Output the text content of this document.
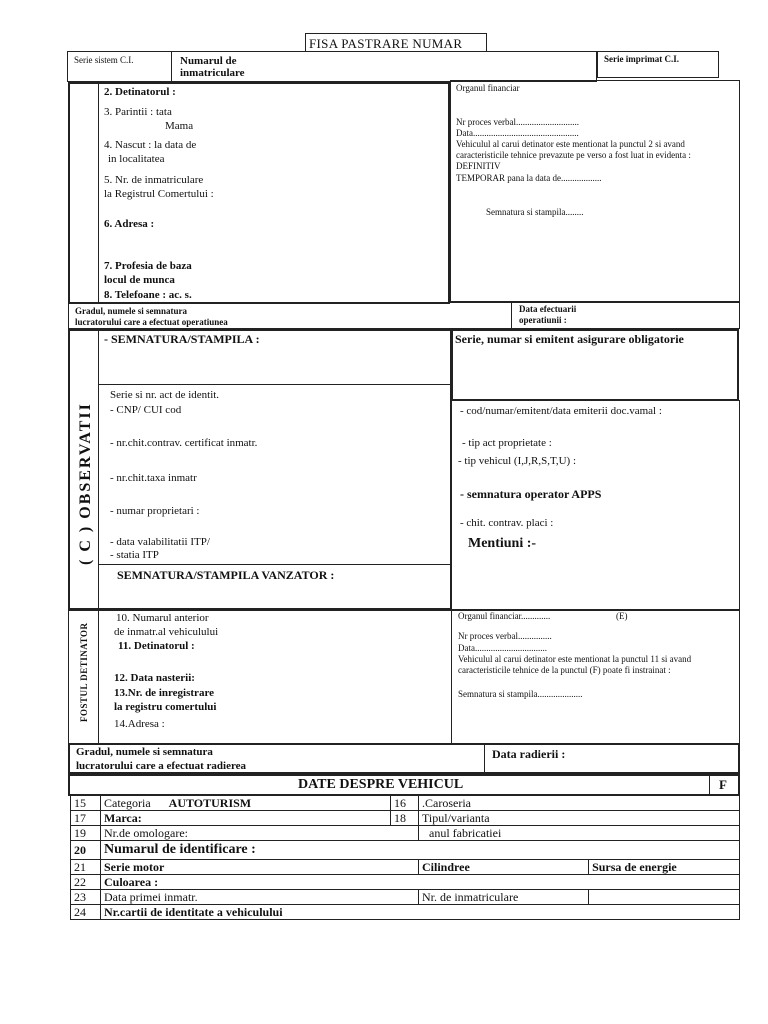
FISA PASTRARE NUMAR
Serie sistem C.I.	Numarul de inmatriculare
Serie imprimat C.I.
2. Detinatorul :
3. Parintii : tata
Mama
4. Nascut : la data de
in localitatea
5. Nr. de inmatriculare
la Registrul Comertului :
6. Adresa :
7. Profesia de baza
locul de munca
8. Telefoane : ac. s.
Organul financiar
Nr proces verbal............................
Data...............................................
Vehiculul al carui detinator este mentionat la punctul 2 si avand
caracteristicile tehnice prevazute pe verso a fost luat in evidenta :
DEFINITIV
TEMPORAR pana la data de..................
Semnatura si stampila........
Gradul, numele si semnatura
lucratorului care a efectuat operatiunea
Data efectuarii
operatiunii :
( C ) OBSERVATII
- SEMNATURA/STAMPILA :
Serie si nr. act de identit.
- CNP/ CUI cod
- nr.chit.contrav. certificat inmatr.
- nr.chit.taxa inmatr
- numar proprietari :
- data valabilitatii ITP/
- statia ITP
SEMNATURA/STAMPILA VANZATOR :
Serie, numar si emitent asigurare obligatorie
- cod/numar/emitent/data emiterii doc.vamal :
- tip act proprietate :
- tip vehicul (I,J,R,S,T,U) :
- semnatura operator APPS
- chit. contrav. placi :
Mentiuni :-
FOSTUL DETINATOR
10. Numarul anterior
de inmatr.al vehiculului
11. Detinatorul :
12. Data nasterii:
13.Nr. de inregistrare
la registru comertului
14.Adresa :
Organul financiar.............	(E)
Nr proces verbal...............
Data................................
Vehiculul al carui detinator este mentionat la punctul 11 si avand
caracteristicile tehnice de la punctul (F) poate fi instrainat :
Semnatura si stampila....................
Gradul, numele si semnatura
lucratorului care a efectuat radierea
Data radierii :
DATE DESPRE VEHICUL	F
15	Categoria AUTOTURISM	16	.Caroseria	
17	Marca:	18	Tipul/varianta	
19	Nr.de omologare:		anul fabricatiei	
20	Numarul de identificare :			
21	Serie motor		Cilindree	Sursa de energie
22	Culoarea :			
23	Data primei inmatr.		Nr. de inmatriculare	
24	Nr.cartii de identitate a vehiculului			
